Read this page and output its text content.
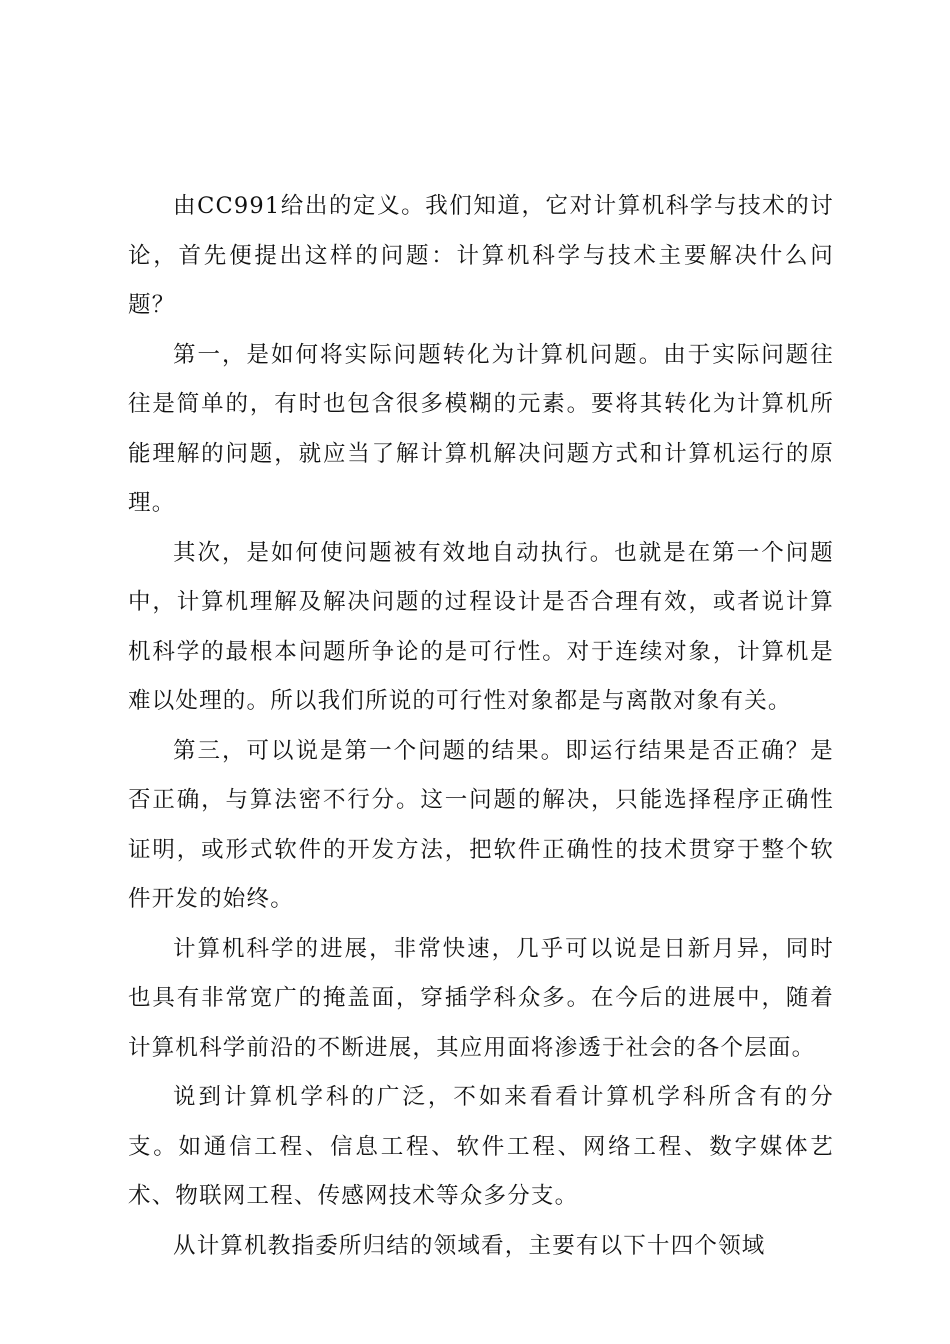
由CC991给出的定义。我们知道，它对计算机科学与技术的讨论，首先便提出这样的问题：计算机科学与技术主要解决什么问题？

第一，是如何将实际问题转化为计算机问题。由于实际问题往往是简单的，有时也包含很多模糊的元素。要将其转化为计算机所能理解的问题，就应当了解计算机解决问题方式和计算机运行的原理。

其次，是如何使问题被有效地自动执行。也就是在第一个问题中，计算机理解及解决问题的过程设计是否合理有效，或者说计算机科学的最根本问题所争论的是可行性。对于连续对象，计算机是难以处理的。所以我们所说的可行性对象都是与离散对象有关。

第三，可以说是第一个问题的结果。即运行结果是否正确？是否正确，与算法密不行分。这一问题的解决，只能选择程序正确性证明，或形式软件的开发方法，把软件正确性的技术贯穿于整个软件开发的始终。

计算机科学的进展，非常快速，几乎可以说是日新月异，同时也具有非常宽广的掩盖面，穿插学科众多。在今后的进展中，随着计算机科学前沿的不断进展，其应用面将渗透于社会的各个层面。

说到计算机学科的广泛，不如来看看计算机学科所含有的分支。如通信工程、信息工程、软件工程、网络工程、数字媒体艺术、物联网工程、传感网技术等众多分支。

从计算机教指委所归结的领域看，主要有以下十四个领域
